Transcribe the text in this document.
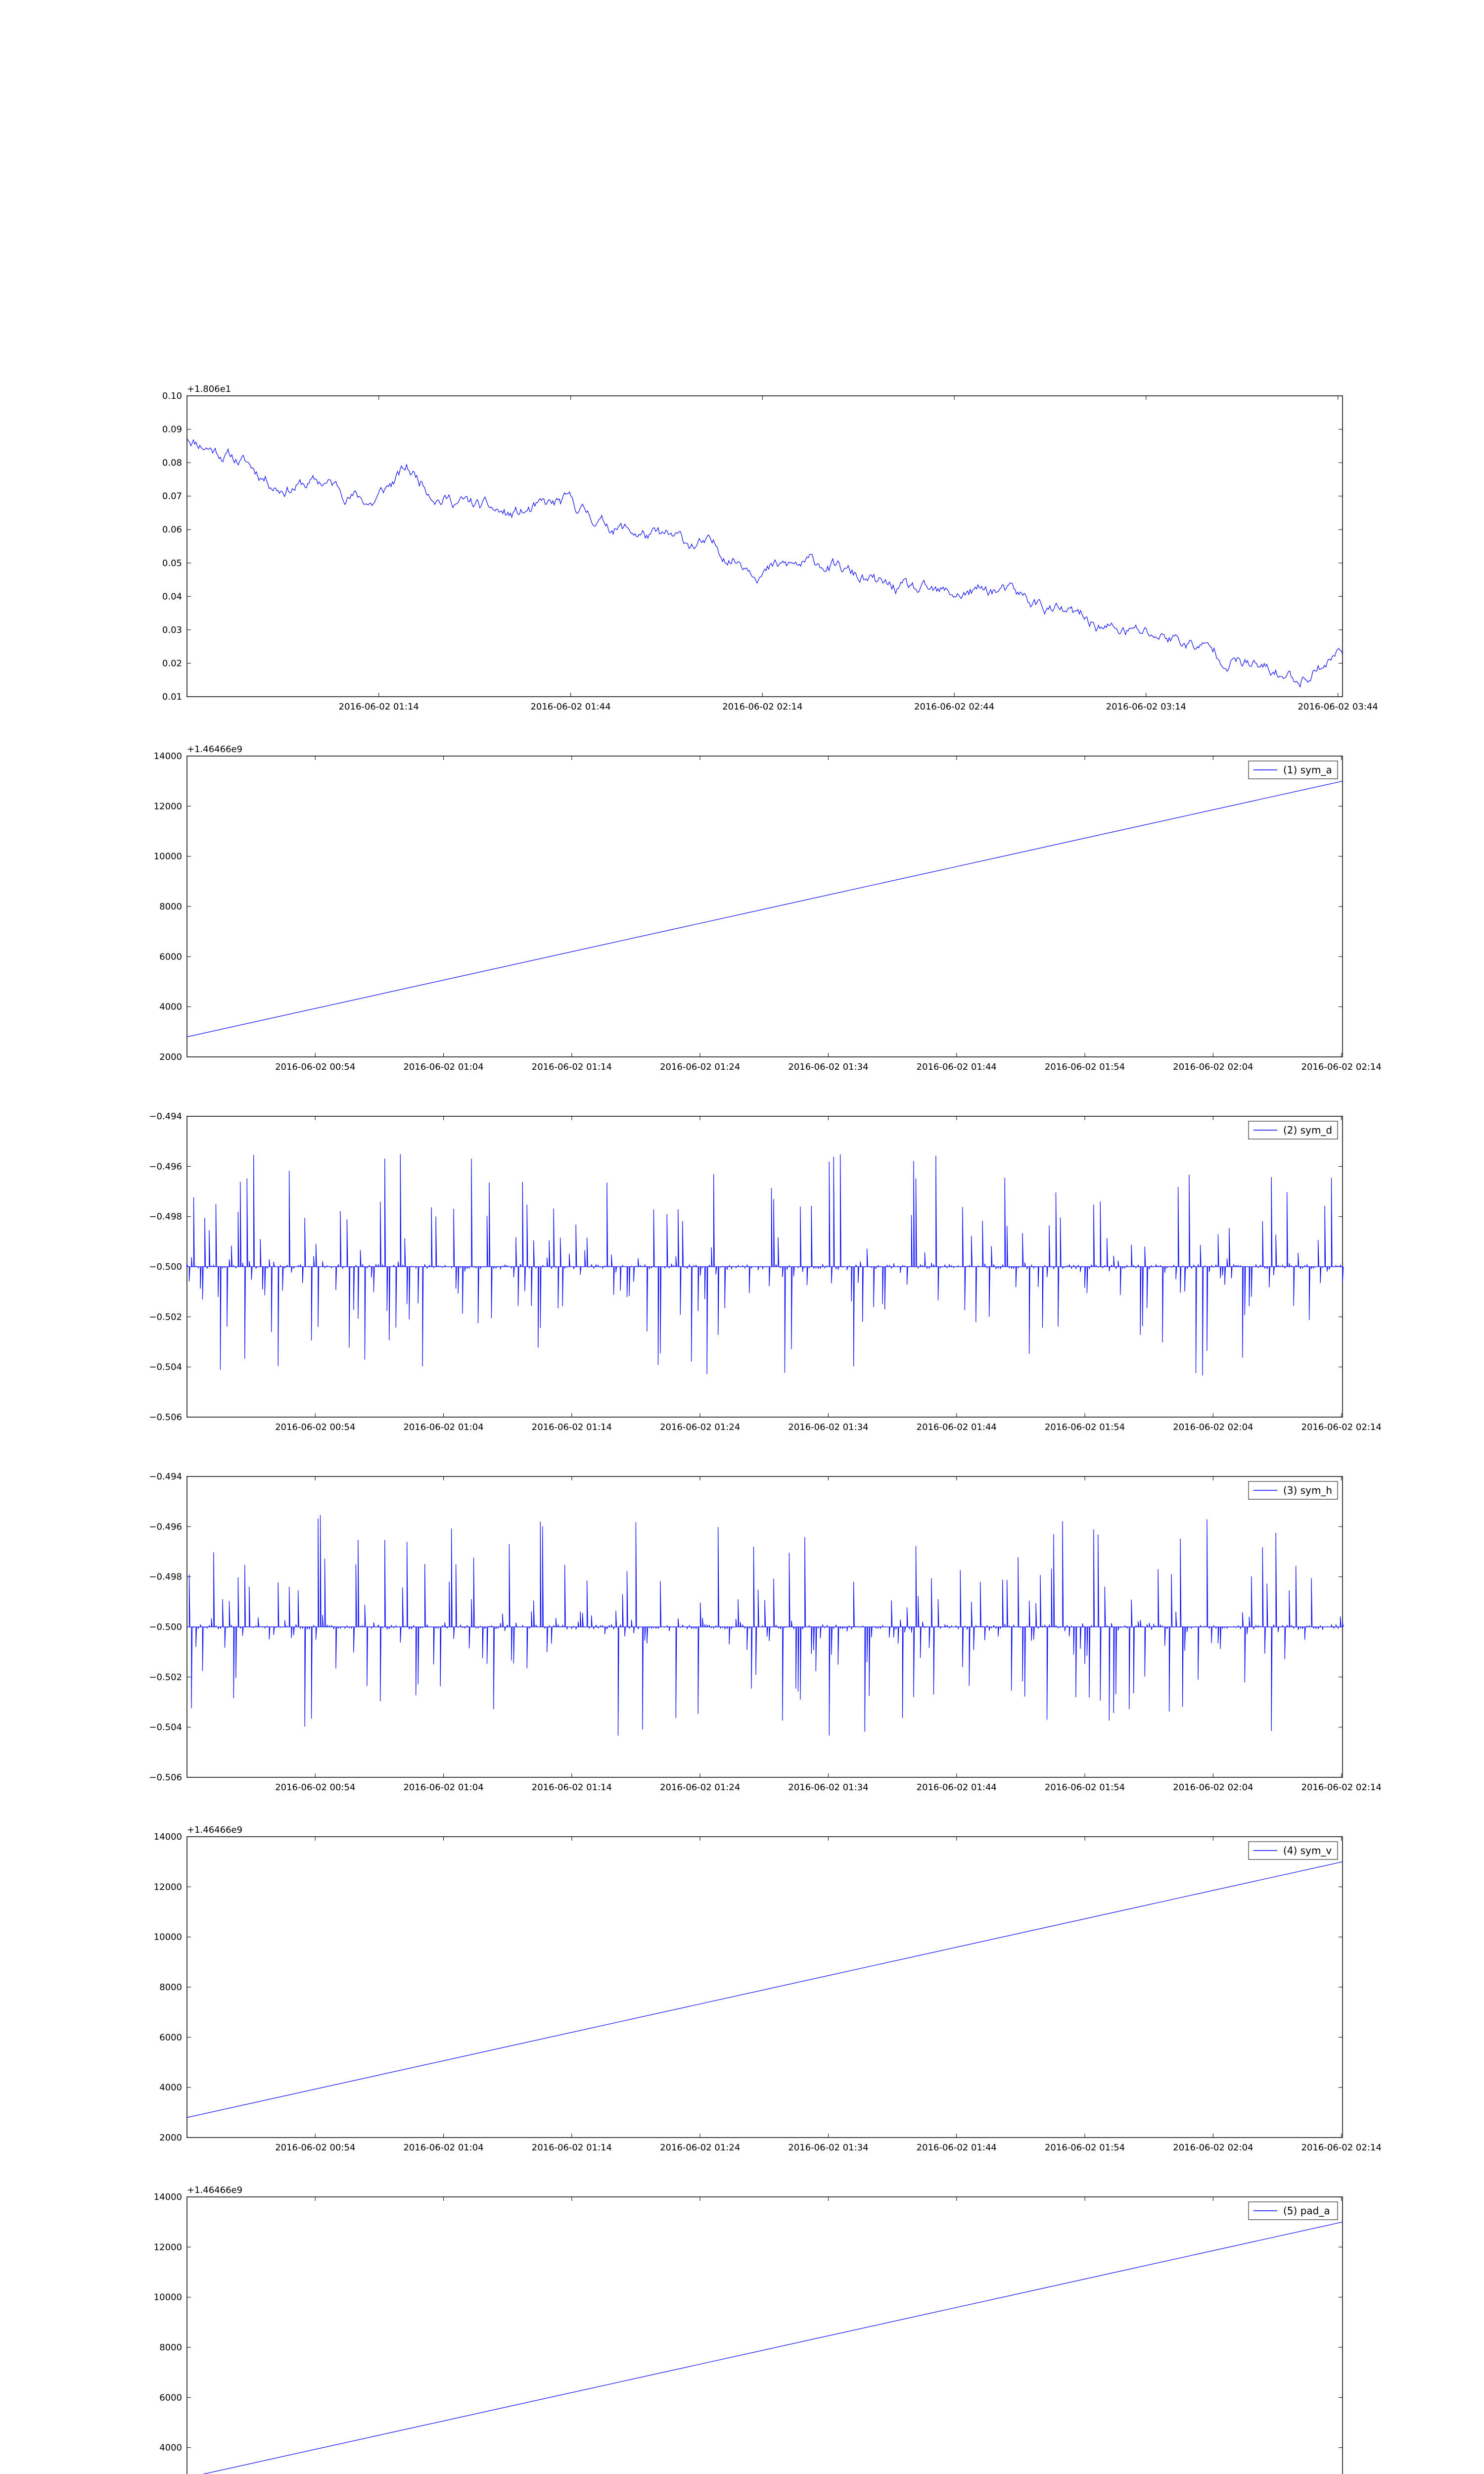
0.01
0.02
0.03
0.04
0.05
0.06
0.07
0.08
0.09
0.10
2016-06-02 01:14	2016-06-02 01:44	2016-06-02 02:14	2016-06-02 02:44	2016-06-02 03:14	2016-06-02 03:44
+1.806e1
2000
4000
6000
8000
10000
12000
14000
2016-06-02 00:54	2016-06-02 01:04	2016-06-02 01:14	2016-06-02 01:24	2016-06-02 01:34	2016-06-02 01:44	2016-06-02 01:54	2016-06-02 02:04	2016-06-02 02:14
+1.46466e9
(1) sym_a
−0.506
−0.504
−0.502
−0.500
−0.498
−0.496
−0.494
2016-06-02 00:54	2016-06-02 01:04	2016-06-02 01:14	2016-06-02 01:24	2016-06-02 01:34	2016-06-02 01:44	2016-06-02 01:54	2016-06-02 02:04	2016-06-02 02:14
(2) sym_d
−0.506
−0.504
−0.502
−0.500
−0.498
−0.496
−0.494
2016-06-02 00:54	2016-06-02 01:04	2016-06-02 01:14	2016-06-02 01:24	2016-06-02 01:34	2016-06-02 01:44	2016-06-02 01:54	2016-06-02 02:04	2016-06-02 02:14
(3) sym_h
2000
4000
6000
8000
10000
12000
14000
2016-06-02 00:54	2016-06-02 01:04	2016-06-02 01:14	2016-06-02 01:24	2016-06-02 01:34	2016-06-02 01:44	2016-06-02 01:54	2016-06-02 02:04	2016-06-02 02:14
+1.46466e9
(4) sym_v
4000
6000
8000
10000
12000
14000
+1.46466e9
(5) pad_a
